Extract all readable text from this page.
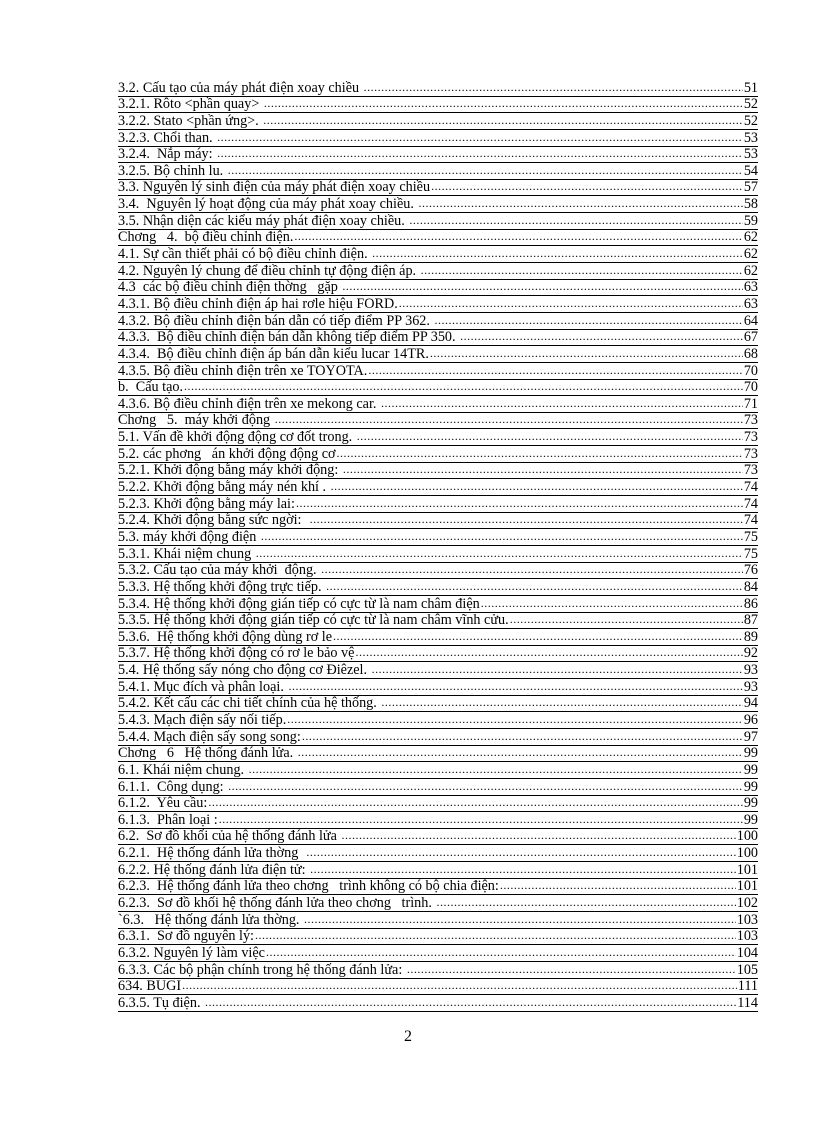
3.2. Cấu tạo của máy phát điện xoay chiều .....	51
3.2.1. Rôto <phần quay> .....	52
3.2.2. Stato <phần ứng>. .....	52
3.2.3. Chổi than. .....	53
3.2.4.  Nắp máy: .....	53
3.2.5. Bộ chỉnh lu. .....	54
3.3. Nguyên lý sinh điện của máy phát điện xoay chiều .....	57
3.4.  Nguyên lý hoạt động của máy phát xoay chiều. .....	58
3.5. Nhận diện các kiểu máy phát điện xoay chiều. .....	59
Chơng   4.  bộ điều chỉnh điện. .....	62
4.1. Sự cần thiết phải có bộ điều chỉnh điện. .....	62
4.2. Nguyên lý chung để điều chỉnh tự động điện áp. .....	62
4.3  các bộ điều chỉnh điện thờng   gặp .....	63
4.3.1. Bộ điều chỉnh điện áp hai rơle hiệu FORD. .....	63
4.3.2. Bộ điều chỉnh điện bán dẫn có tiếp điểm PP 362. .....	64
4.3.3.  Bộ điều chỉnh điện bán dẫn không tiếp điểm PP 350. .....	67
4.3.4.  Bộ điều chỉnh điện áp bán dẫn kiểu lucar 14TR. .....	68
4.3.5. Bộ điều chỉnh điện trên xe TOYOTA. .....	70
b.  Cấu tạo. .....	70
4.3.6. Bộ điều chỉnh điện trên xe mekong car. .....	71
Chơng   5.  máy khởi động .....	73
5.1. Vấn đề khởi động động cơ đốt trong. .....	73
5.2. các phơng   án khởi động động cơ .....	73
5.2.1. Khởi động bằng máy khởi động: .....	73
5.2.2. Khởi động bằng máy nén khí . .....	74
5.2.3. Khởi động bằng máy lai: .....	74
5.2.4. Khởi động bằng sức ngời: .....	74
5.3. máy khởi động điện .....	75
5.3.1. Khái niệm chung .....	75
5.3.2. Cấu tạo của máy khởi  động. .....	76
5.3.3. Hệ thống khởi động trực tiếp. .....	84
5.3.4. Hệ thống khởi động gián tiếp có cực từ là nam châm điện .....	86
5.3.5. Hệ thống khởi động gián tiếp có cực từ là nam châm vĩnh cửu. .....	87
5.3.6.  Hệ thống khởi động dùng rơ le .....	89
5.3.7. Hệ thống khởi động có rơ le bảo vệ .....	92
5.4. Hệ thống sấy nóng cho động cơ Điêzel. .....	93
5.4.1. Mục đích và phân loại. .....	93
5.4.2. Kết cấu các chi tiết chính của hệ thống. .....	94
5.4.3. Mạch điện sấy nối tiếp. .....	96
5.4.4. Mạch điện sấy song song: .....	97
Chơng   6   Hệ thống đánh lửa. .....	99
6.1. Khái niệm chung. .....	99
6.1.1.  Công dụng: .....	99
6.1.2.  Yêu cầu: .....	99
6.1.3.  Phân loại : .....	99
6.2.  Sơ đồ khối của hệ thống đánh lửa .....	100
6.2.1.  Hệ thống đánh lửa thờng .....	100
6.2.2. Hệ thống đánh lửa điện tử: .....	101
6.2.3.  Hệ thống đánh lửa theo chơng   trình không có bộ chia điện: .....	101
6.2.3.  Sơ đồ khối hệ thống đánh lửa theo chơng   trình. .....	102
`6.3.   Hệ thống đánh lửa thờng. .....	103
6.3.1.  Sơ đồ nguyên lý: .....	103
6.3.2. Nguyên lý làm việc .....	104
6.3.3. Các bộ phận chính trong hệ thống đánh lửa: .....	105
634. BUGI .....	111
6.3.5. Tụ điện. .....	114
2
